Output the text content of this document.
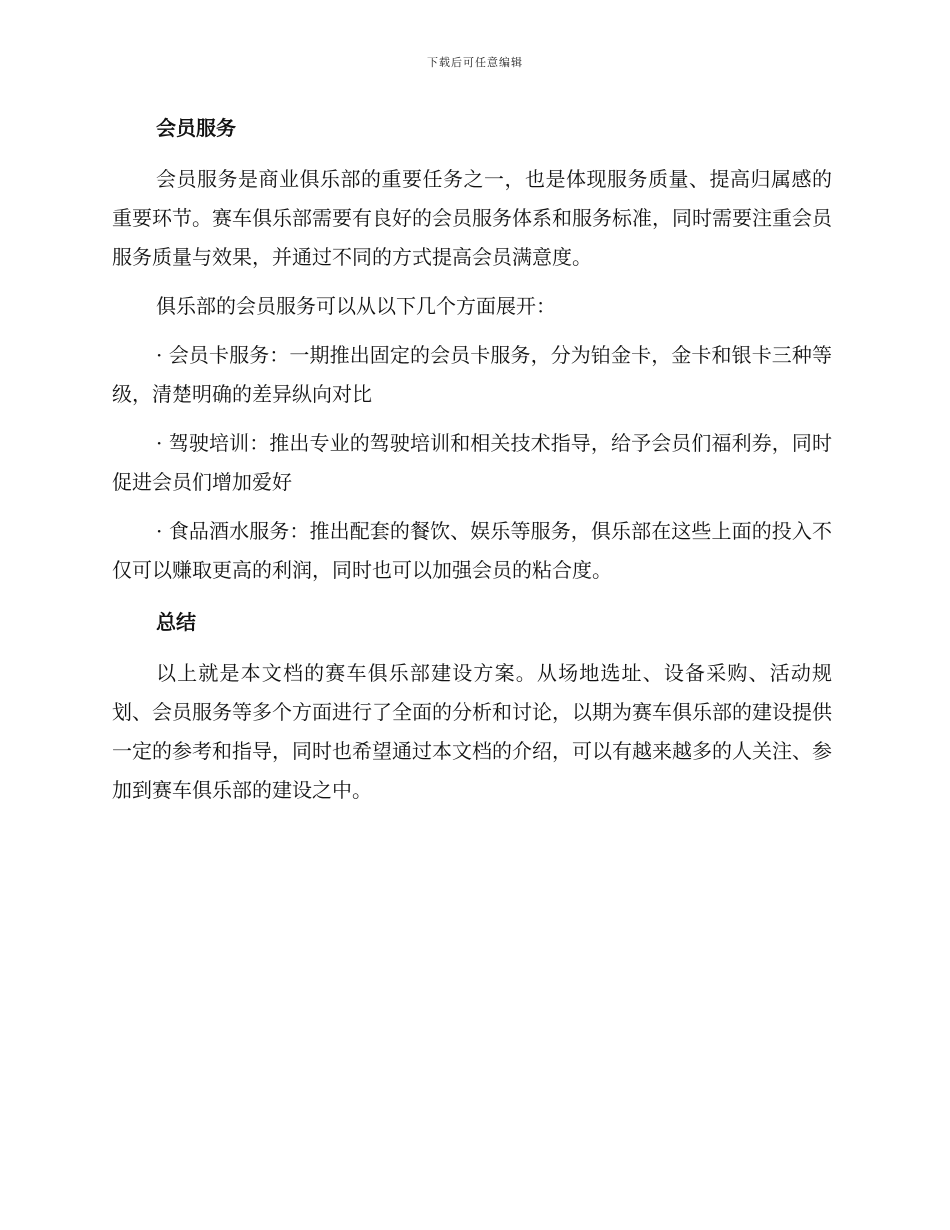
下载后可任意编辑
会员服务

会员服务是商业俱乐部的重要任务之一，也是体现服务质量、提高归属感的重要环节。赛车俱乐部需要有良好的会员服务体系和服务标准，同时需要注重会员服务质量与效果，并通过不同的方式提高会员满意度。

俱乐部的会员服务可以从以下几个方面展开：

· 会员卡服务：一期推出固定的会员卡服务，分为铂金卡，金卡和银卡三种等级，清楚明确的差异纵向对比

· 驾驶培训：推出专业的驾驶培训和相关技术指导，给予会员们福利券，同时促进会员们增加爱好

· 食品酒水服务：推出配套的餐饮、娱乐等服务，俱乐部在这些上面的投入不仅可以赚取更高的利润，同时也可以加强会员的粘合度。

总结

以上就是本文档的赛车俱乐部建设方案。从场地选址、设备采购、活动规划、会员服务等多个方面进行了全面的分析和讨论，以期为赛车俱乐部的建设提供一定的参考和指导，同时也希望通过本文档的介绍，可以有越来越多的人关注、参加到赛车俱乐部的建设之中。
